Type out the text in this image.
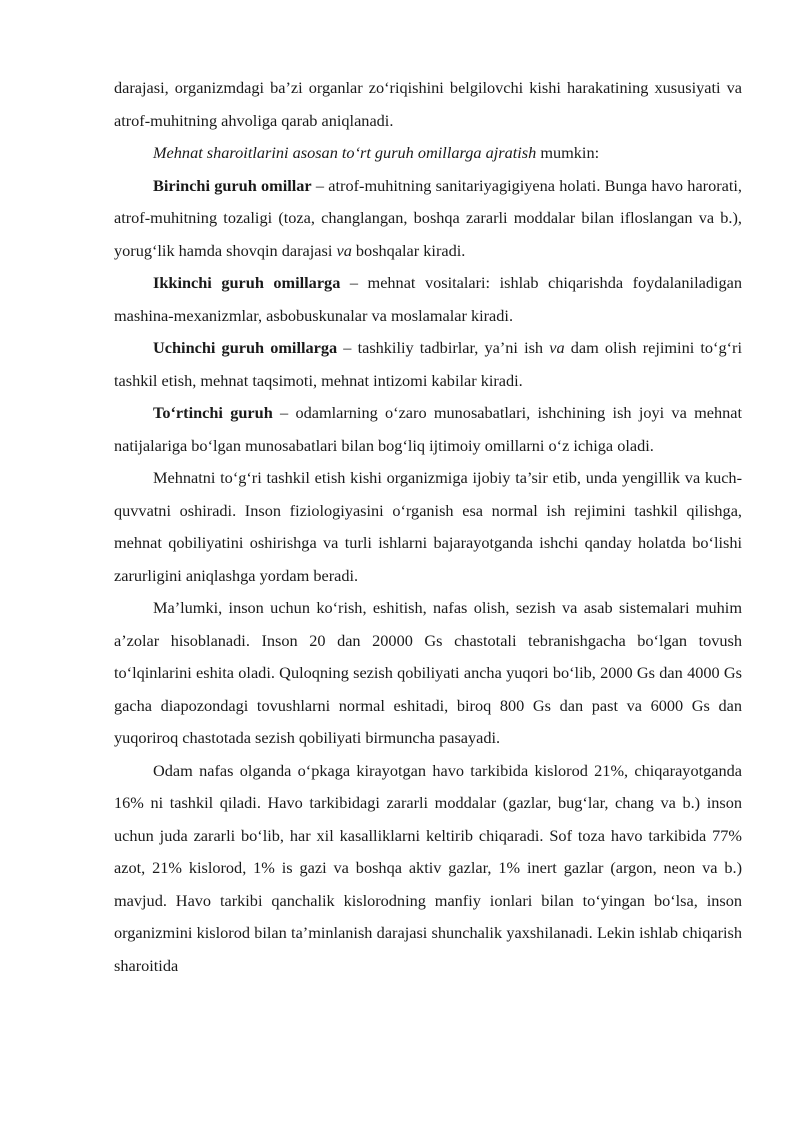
darajasi, organizmdagi ba’zi organlar zo‘riqishini belgilovchi kishi harakatining xususiyati va atrof-muhitning ahvoliga qarab aniqlanadi.

Mehnat sharoitlarini asosan to‘rt guruh omillarga ajratish mumkin:

Birinchi guruh omillar – atrof-muhitning sanitariyagigiyena holati. Bunga havo harorati, atrof-muhitning tozaligi (toza, changlangan, boshqa zararli moddalar bilan ifloslangan va b.), yorug‘lik hamda shovqin darajasi va boshqalar kiradi.

Ikkinchi guruh omillarga – mehnat vositalari: ishlab chiqarishda foydalaniladigan mashina-mexanizmlar, asbobuskunalar va moslamalar kiradi.

Uchinchi guruh omillarga – tashkiliy tadbirlar, ya’ni ish va dam olish rejimini to‘g‘ri tashkil etish, mehnat taqsimoti, mehnat intizomi kabilar kiradi.

To‘rtinchi guruh – odamlarning o‘zaro munosabatlari, ishchining ish joyi va mehnat natijalariga bo‘lgan munosabatlari bilan bog‘liq ijtimoiy omillarni o‘z ichiga oladi.

Mehnatni to‘g‘ri tashkil etish kishi organizmiga ijobiy ta’sir etib, unda yengillik va kuch-quvvatni oshiradi. Inson fiziologiyasini o‘rganish esa normal ish rejimini tashkil qilishga, mehnat qobiliyatini oshirishga va turli ishlarni bajarayotganda ishchi qanday holatda bo‘lishi zarurligini aniqlashga yordam beradi.

Ma’lumki, inson uchun ko‘rish, eshitish, nafas olish, sezish va asab sistemalari muhim a’zolar hisoblanadi. Inson 20 dan 20000 Gs chastotali tebranishgacha bo‘lgan tovush to‘lqinlarini eshita oladi. Quloqning sezish qobiliyati ancha yuqori bo‘lib, 2000 Gs dan 4000 Gs gacha diapozondagi tovushlarni normal eshitadi, biroq 800 Gs dan past va 6000 Gs dan yuqoriroq chastotada sezish qobiliyati birmuncha pasayadi.

Odam nafas olganda o‘pkaga kirayotgan havo tarkibida kislorod 21%, chiqarayotganda 16% ni tashkil qiladi. Havo tarkibidagi zararli moddalar (gazlar, bug‘lar, chang va b.) inson uchun juda zararli bo‘lib, har xil kasalliklarni keltirib chiqaradi. Sof toza havo tarkibida 77% azot, 21% kislorod, 1% is gazi va boshqa aktiv gazlar, 1% inert gazlar (argon, neon va b.) mavjud. Havo tarkibi qanchalik kislorodning manfiy ionlari bilan to‘yingan bo‘lsa, inson organizmini kislorod bilan ta’minlanish darajasi shunchalik yaxshilanadi. Lekin ishlab chiqarish sharoitida
